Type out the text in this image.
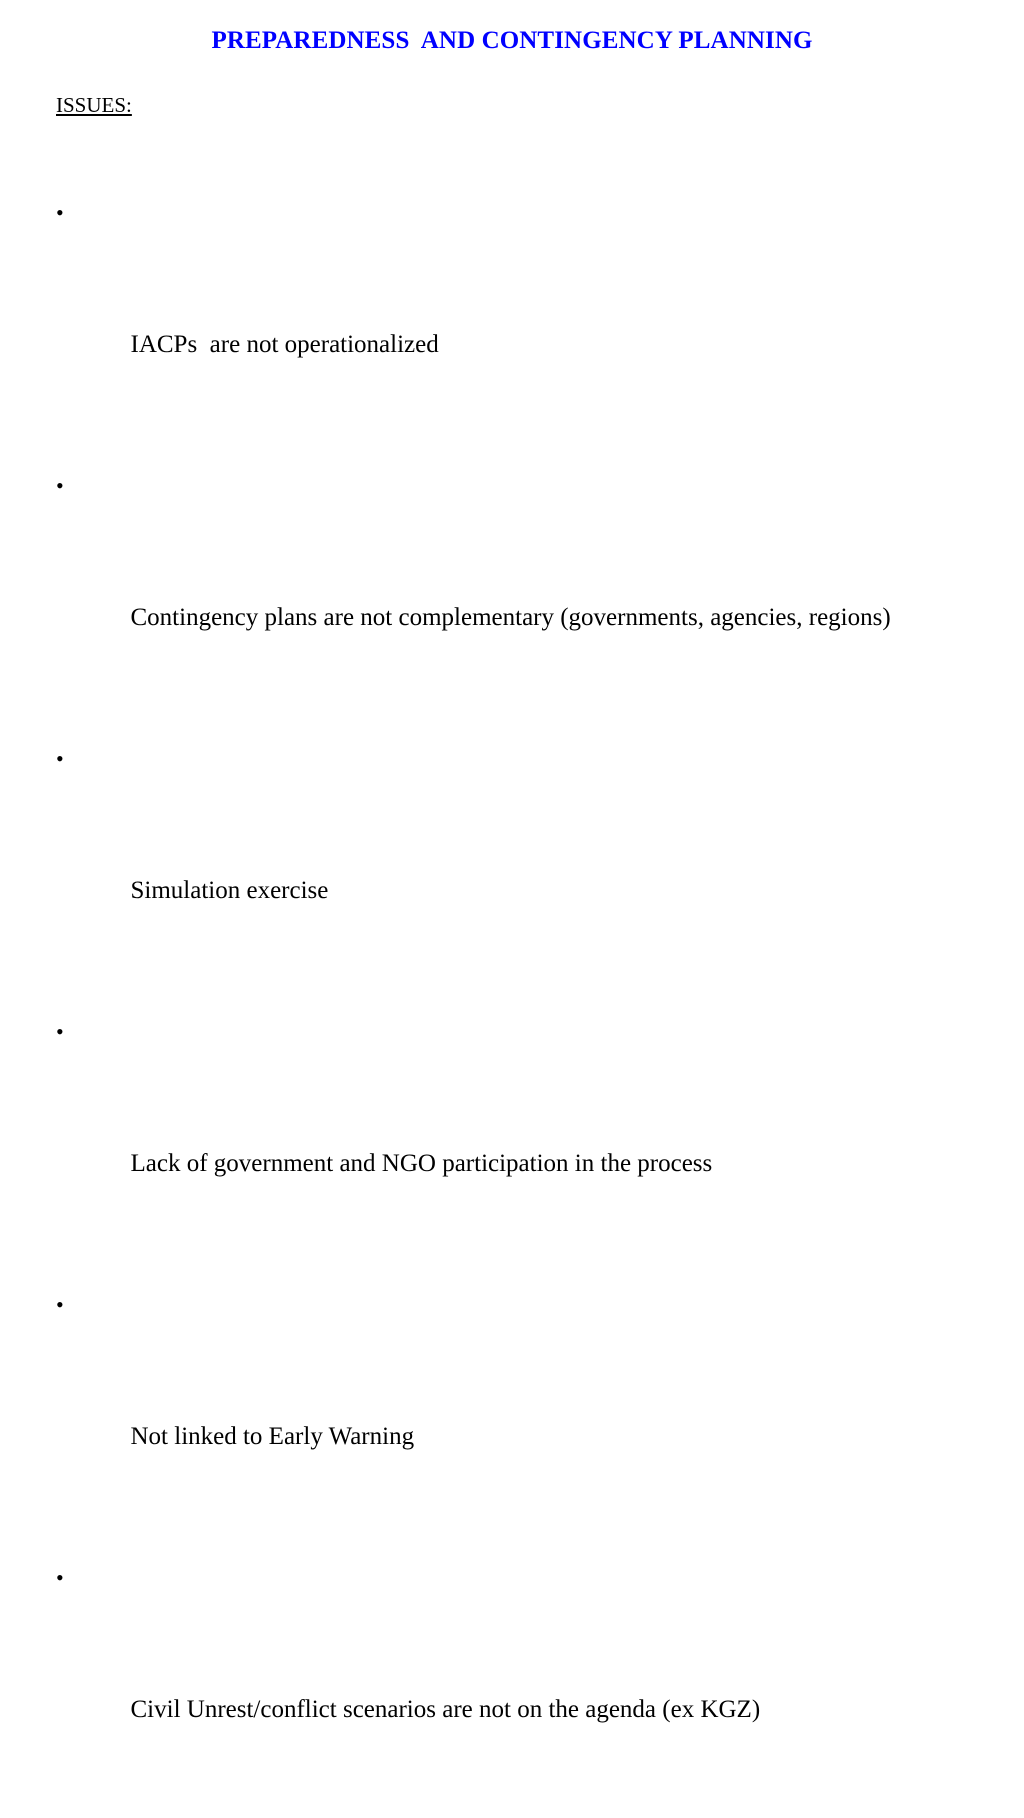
PREPAREDNESS  AND CONTINGENCY PLANNING

ISSUES:

•

IACPs  are not operationalized

•

Contingency plans are not complementary (governments, agencies, regions)

•

Simulation exercise

•

Lack of government and NGO participation in the process

•

Not linked to Early Warning

•

Civil Unrest/conflict scenarios are not on the agenda (ex KGZ)
